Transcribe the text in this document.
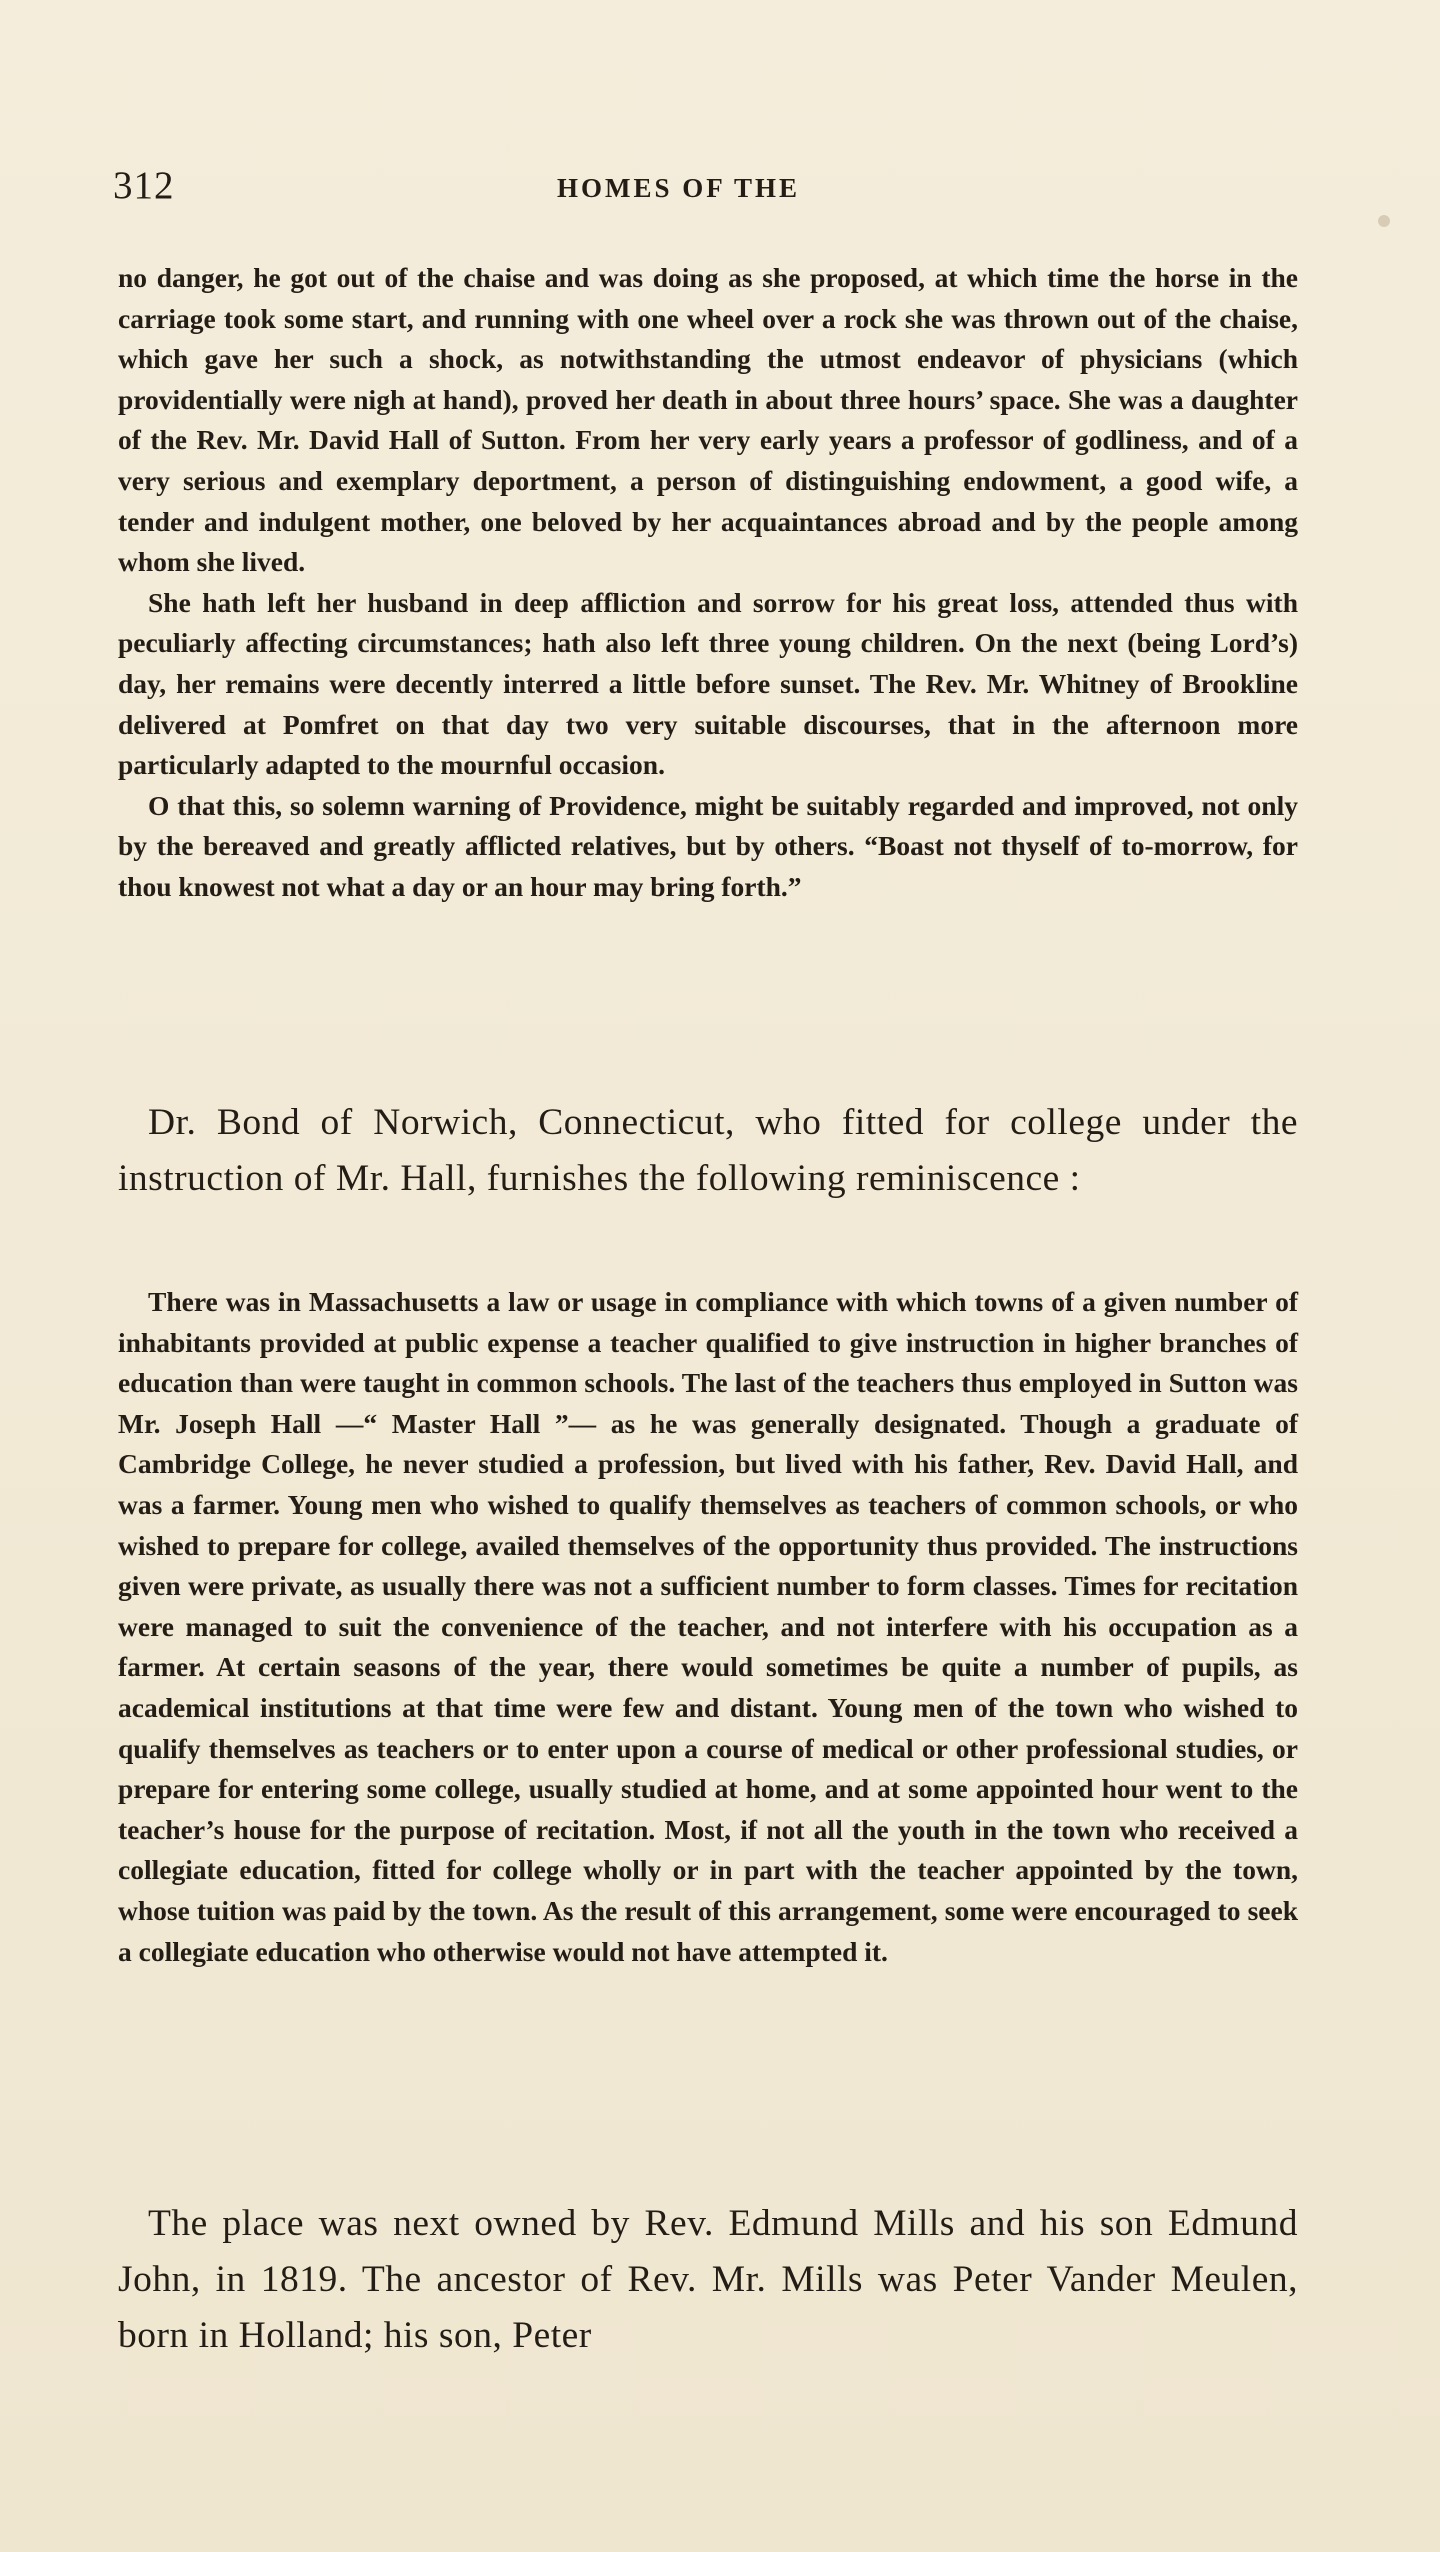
312	HOMES OF THE

no danger, he got out of the chaise and was doing as she proposed, at which time the horse in the carriage took some start, and running with one wheel over a rock she was thrown out of the chaise, which gave her such a shock, as notwithstanding the utmost endeavor of physicians (which providentially were nigh at hand), proved her death in about three hours’ space. She was a daughter of the Rev. Mr. David Hall of Sutton. From her very early years a professor of godliness, and of a very serious and exemplary deportment, a person of distinguishing endowment, a good wife, a tender and indulgent mother, one beloved by her acquaintances abroad and by the people among whom she lived.

She hath left her husband in deep affliction and sorrow for his great loss, attended thus with peculiarly affecting circumstances; hath also left three young children. On the next (being Lord’s) day, her remains were decently interred a little before sunset. The Rev. Mr. Whitney of Brookline delivered at Pomfret on that day two very suitable discourses, that in the afternoon more particularly adapted to the mournful occasion.

O that this, so solemn warning of Providence, might be suitably regarded and improved, not only by the bereaved and greatly afflicted relatives, but by others. “Boast not thyself of to-morrow, for thou knowest not what a day or an hour may bring forth.”

Dr. Bond of Norwich, Connecticut, who fitted for college under the instruction of Mr. Hall, furnishes the following reminiscence :

There was in Massachusetts a law or usage in compliance with which towns of a given number of inhabitants provided at public expense a teacher qualified to give instruction in higher branches of education than were taught in common schools. The last of the teachers thus employed in Sutton was Mr. Joseph Hall —“ Master Hall ”— as he was generally designated. Though a graduate of Cambridge College, he never studied a profession, but lived with his father, Rev. David Hall, and was a farmer. Young men who wished to qualify themselves as teachers of common schools, or who wished to prepare for college, availed themselves of the opportunity thus provided. The instructions given were private, as usually there was not a sufficient number to form classes. Times for recitation were managed to suit the convenience of the teacher, and not interfere with his occupation as a farmer. At certain seasons of the year, there would sometimes be quite a number of pupils, as academical institutions at that time were few and distant. Young men of the town who wished to qualify themselves as teachers or to enter upon a course of medical or other professional studies, or prepare for entering some college, usually studied at home, and at some appointed hour went to the teacher’s house for the purpose of recitation. Most, if not all the youth in the town who received a collegiate education, fitted for college wholly or in part with the teacher appointed by the town, whose tuition was paid by the town. As the result of this arrangement, some were encouraged to seek a collegiate education who otherwise would not have attempted it.

The place was next owned by Rev. Edmund Mills and his son Edmund John, in 1819. The ancestor of Rev. Mr. Mills was Peter Vander Meulen, born in Holland; his son, Peter
